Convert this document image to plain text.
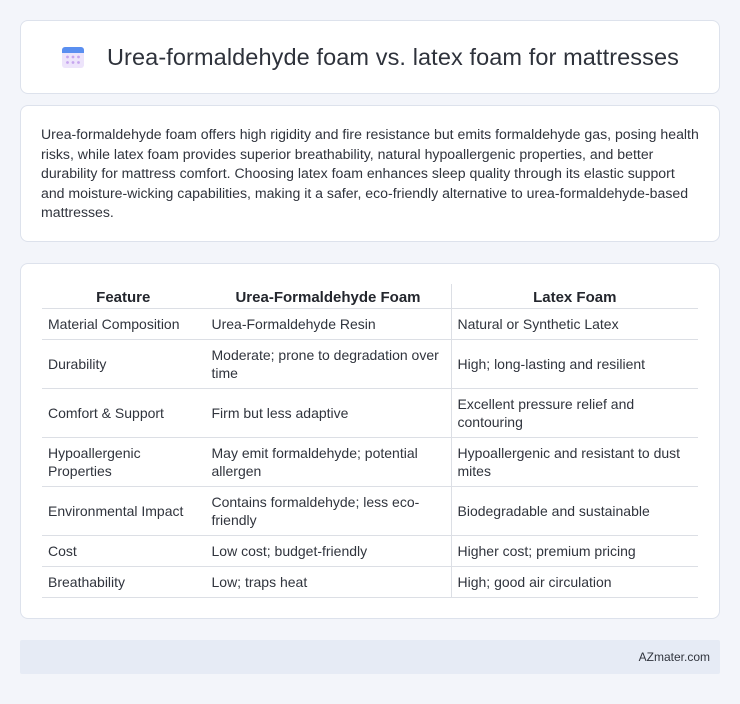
Urea-formaldehyde foam vs. latex foam for mattresses

Urea-formaldehyde foam offers high rigidity and fire resistance but emits formaldehyde gas, posing health risks, while latex foam provides superior breathability, natural hypoallergenic properties, and better durability for mattress comfort. Choosing latex foam enhances sleep quality through its elastic support and moisture-wicking capabilities, making it a safer, eco-friendly alternative to urea-formaldehyde-based mattresses.

Feature	Urea-Formaldehyde Foam	Latex Foam
Material Composition	Urea-Formaldehyde Resin	Natural or Synthetic Latex
Durability	Moderate; prone to degradation over time	High; long-lasting and resilient
Comfort & Support	Firm but less adaptive	Excellent pressure relief and contouring
Hypoallergenic Properties	May emit formaldehyde; potential allergen	Hypoallergenic and resistant to dust mites
Environmental Impact	Contains formaldehyde; less eco-friendly	Biodegradable and sustainable
Cost	Low cost; budget-friendly	Higher cost; premium pricing
Breathability	Low; traps heat	High; good air circulation
AZmater.com
